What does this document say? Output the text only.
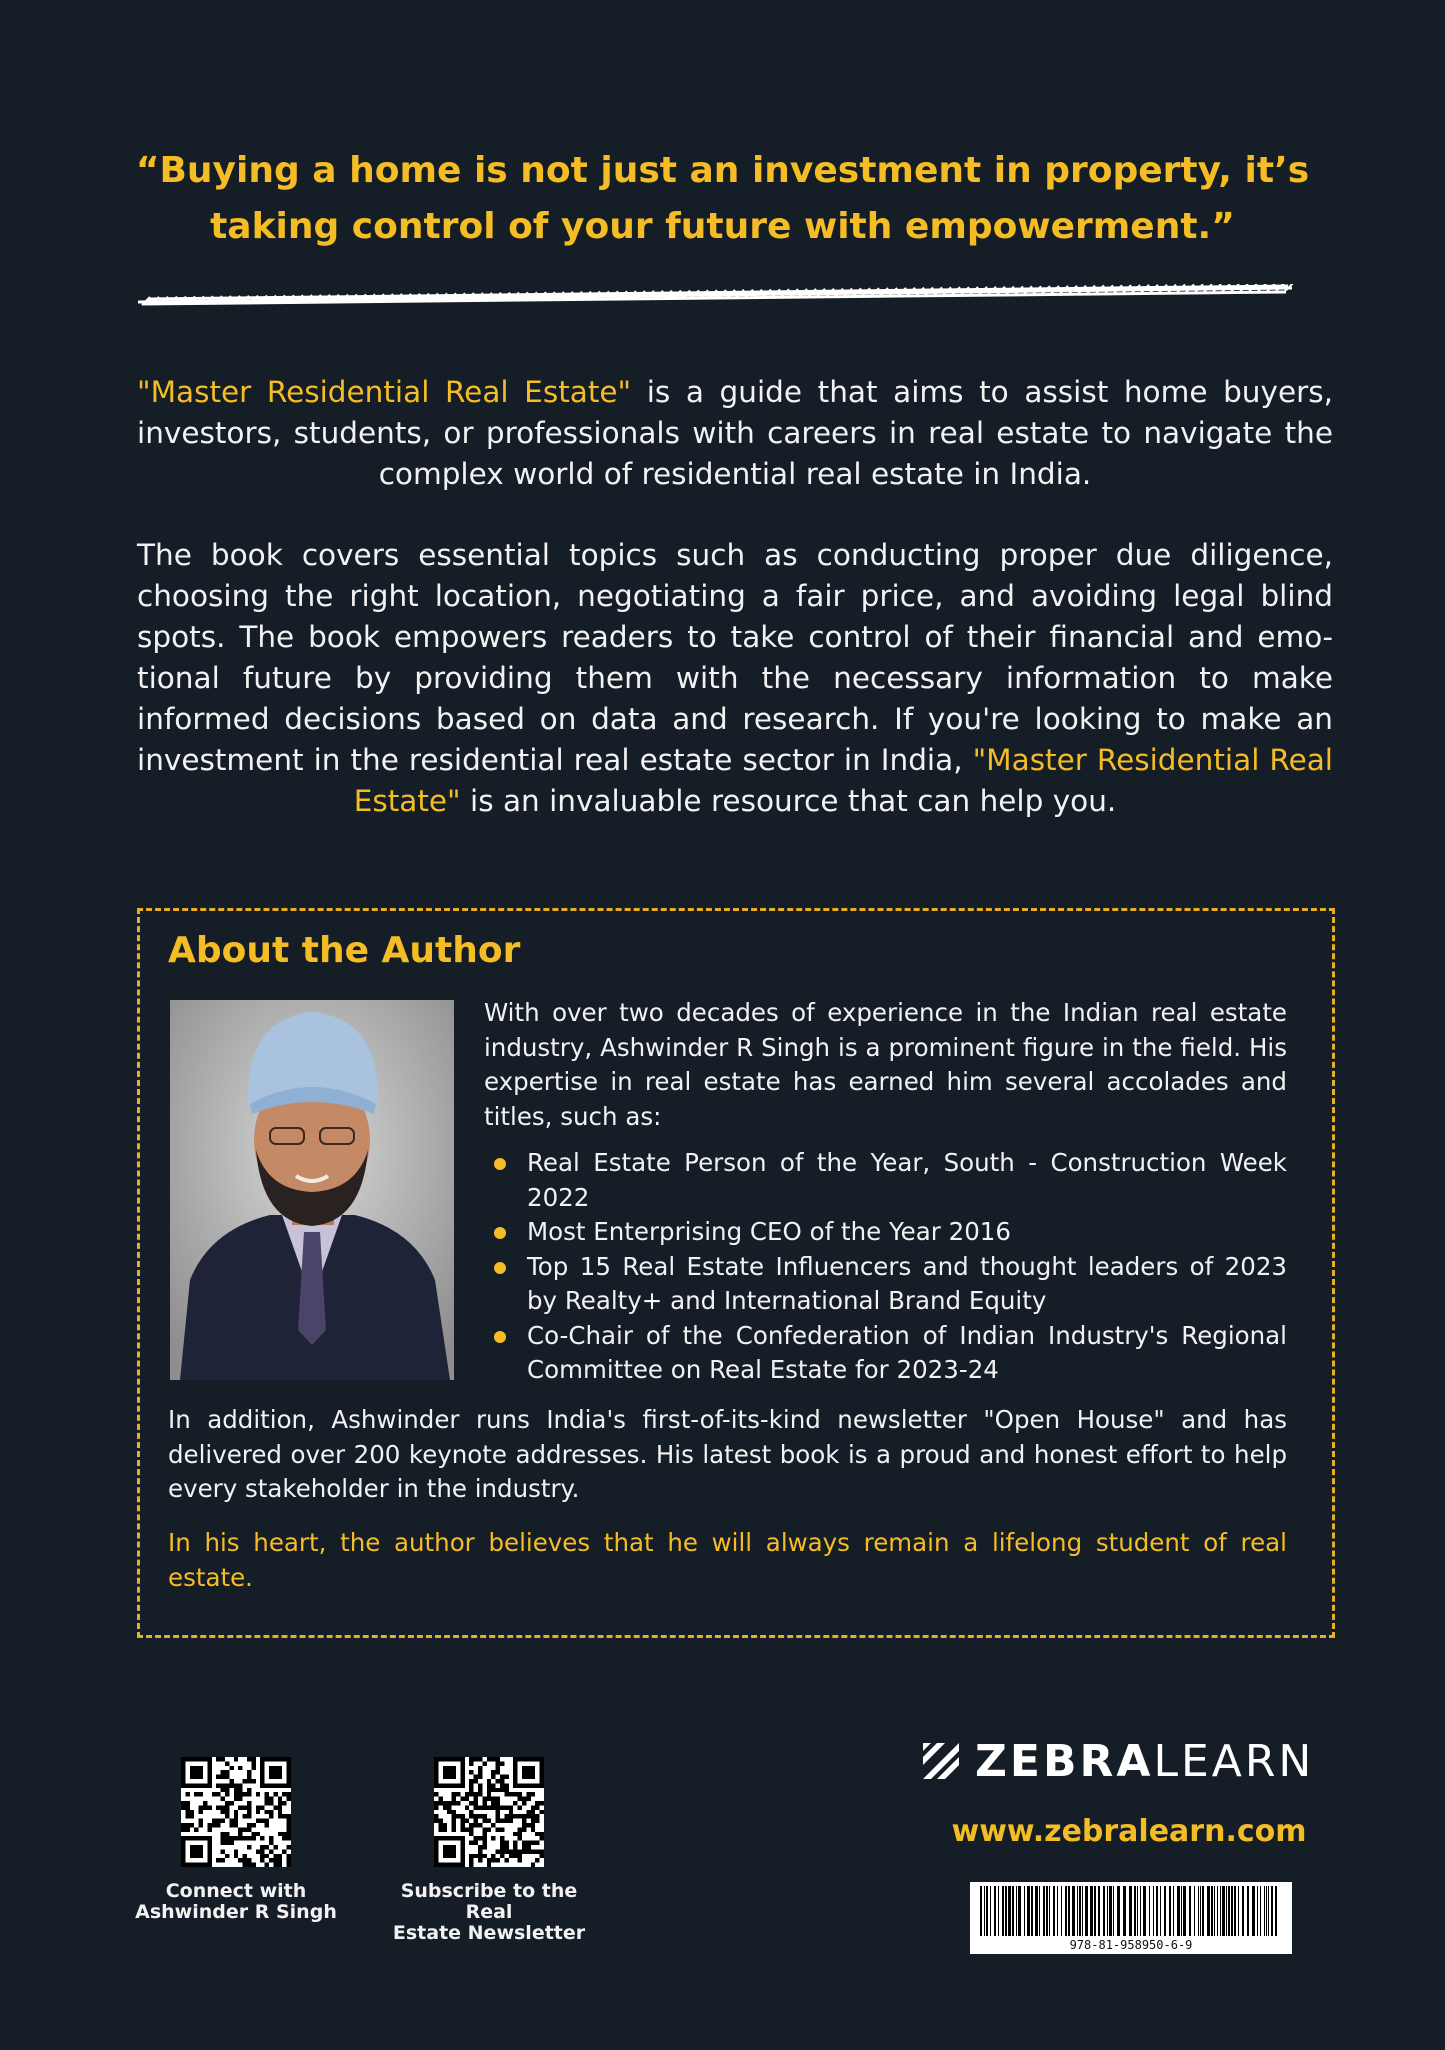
“Buying a home is not just an investment in property, it’s
taking control of your future with empowerment.”
"Master Residential Real Estate" is a guide that aims to assist home buyers, investors, students, or professionals with careers in real estate to navigate the complex world of residential real estate in India.
The book covers essential topics such as conducting proper due diligence, choosing the right location, negotiating a fair price, and avoiding legal blind spots. The book empowers readers to take control of their financial and emotional future by providing them with the necessary information to make informed decisions based on data and research. If you're looking to make an investment in the residential real estate sector in India, "Master Residential Real Estate" is an invaluable resource that can help you.
About the Author
With over two decades of experience in the Indian real estate industry, Ashwinder R Singh is a prominent figure in the field. His expertise in real estate has earned him several accolades and titles, such as:
Real Estate Person of the Year, South - Construction Week 2022
Most Enterprising CEO of the Year 2016
Top 15 Real Estate Influencers and thought leaders of 2023 by Realty+ and International Brand Equity
Co-Chair of the Confederation of Indian Industry's Regional Committee on Real Estate for 2023-24
In addition, Ashwinder runs India's first-of-its-kind newsletter "Open House" and has delivered over 200 keynote addresses. His latest book is a proud and honest effort to help every stakeholder in the industry.
In his heart, the author believes that he will always remain a lifelong student of real estate.
Connect with
Ashwinder R Singh
Subscribe to the Real
Estate Newsletter
ZEBRALEARN
www.zebralearn.com
978-81-958950-6-9
